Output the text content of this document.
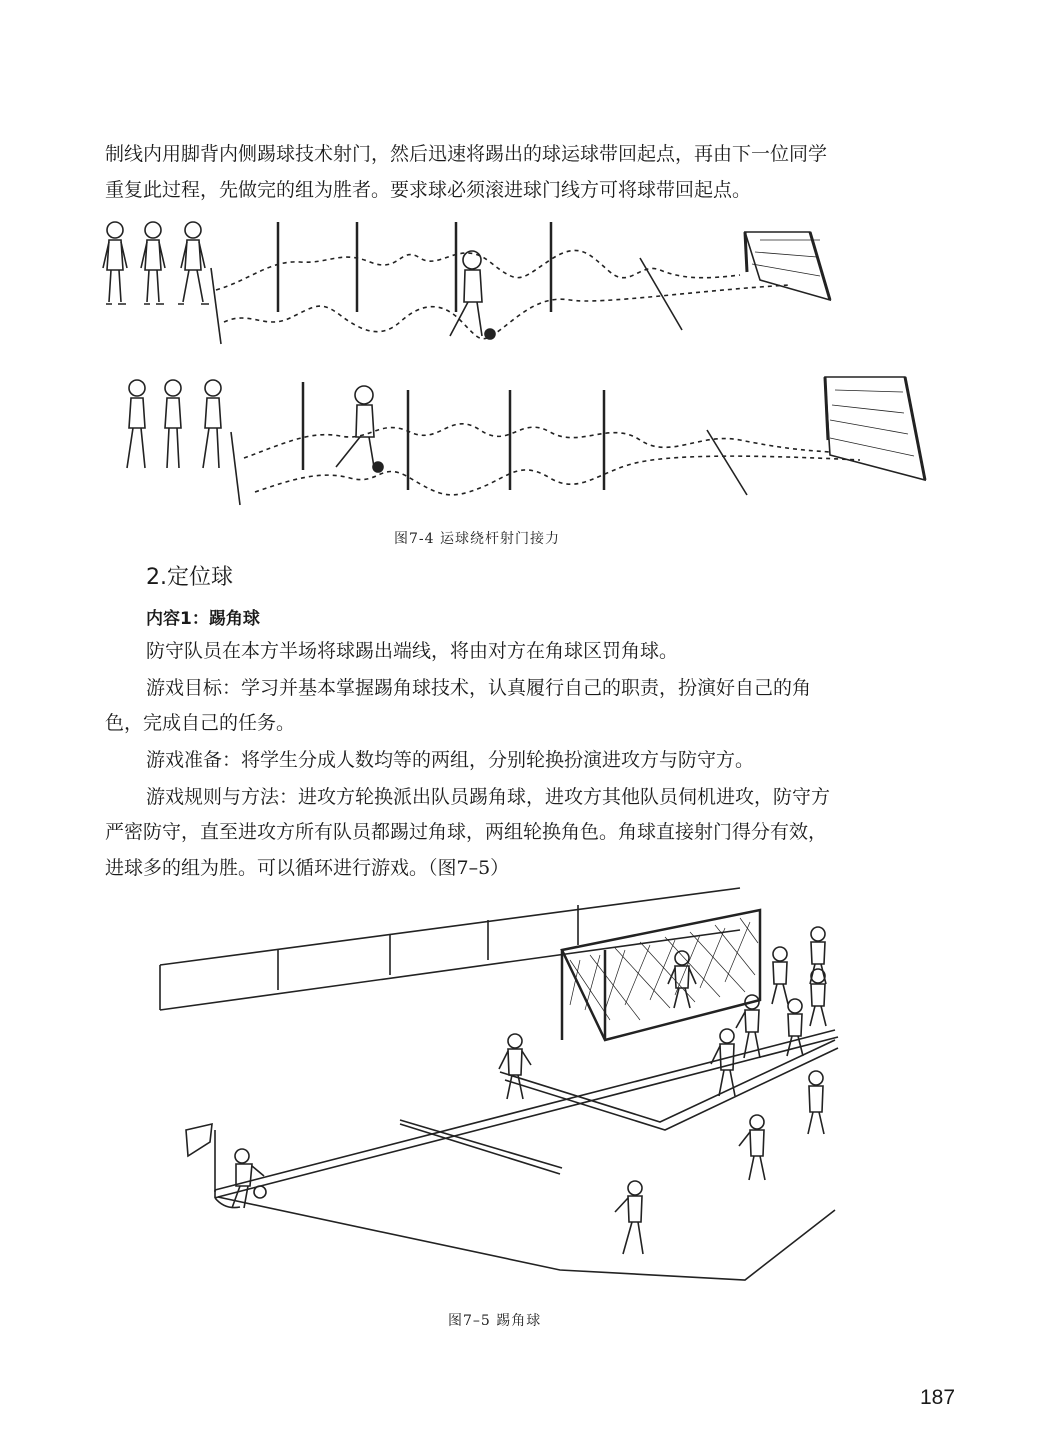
制线内用脚背内侧踢球技术射门，然后迅速将踢出的球运球带回起点，再由下一位同学

重复此过程，先做完的组为胜者。要求球必须滚进球门线方可将球带回起点。

图7-4 运球绕杆射门接力
2.定位球
内容1：踢角球

防守队员在本方半场将球踢出端线，将由对方在角球区罚角球。

游戏目标：学习并基本掌握踢角球技术，认真履行自己的职责，扮演好自己的角

色，完成自己的任务。

游戏准备：将学生分成人数均等的两组，分别轮换扮演进攻方与防守方。

游戏规则与方法：进攻方轮换派出队员踢角球，进攻方其他队员伺机进攻，防守方

严密防守，直至进攻方所有队员都踢过角球，两组轮换角色。角球直接射门得分有效，

进球多的组为胜。可以循环进行游戏。（图7–5）

图7–5 踢角球
187
